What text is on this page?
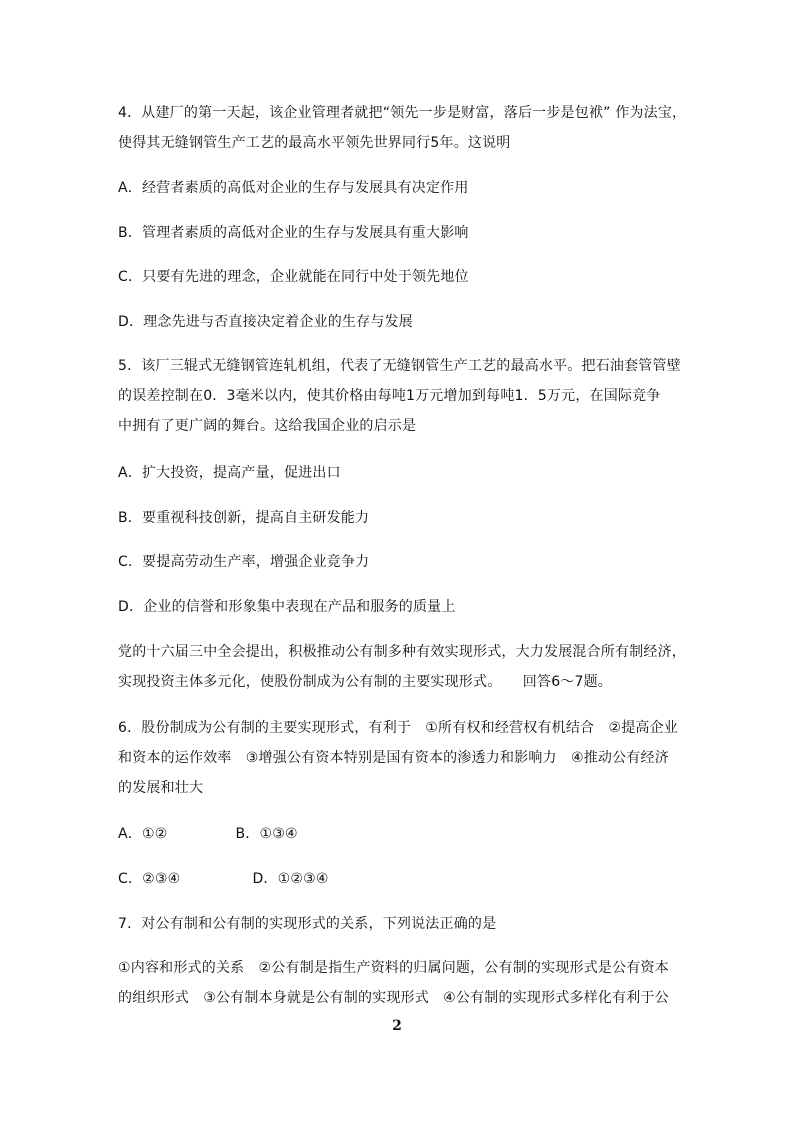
4．从建厂的第一天起，该企业管理者就把“领先一步是财富，落后一步是包袱” 作为法宝，
使得其无缝钢管生产工艺的最高水平领先世界同行5年。这说明
A．经营者素质的高低对企业的生存与发展具有决定作用
B．管理者素质的高低对企业的生存与发展具有重大影响
C．只要有先进的理念，企业就能在同行中处于领先地位
D．理念先进与否直接决定着企业的生存与发展
5．该厂三辊式无缝钢管连轧机组，代表了无缝钢管生产工艺的最高水平。把石油套管管壁
的误差控制在0．3毫米以内，使其价格由每吨1万元增加到每吨1．5万元，在国际竞争
中拥有了更广阔的舞台。这给我国企业的启示是
A．扩大投资，提高产量，促进出口
B．要重视科技创新，提高自主研发能力
C．要提高劳动生产率，增强企业竞争力
D．企业的信誉和形象集中表现在产品和服务的质量上
党的十六届三中全会提出，积极推动公有制多种有效实现形式，大力发展混合所有制经济，
实现投资主体多元化，使股份制成为公有制的主要实现形式。　　回答6～7题。
6．股份制成为公有制的主要实现形式，有利于　①所有权和经营权有机结合　②提高企业
和资本的运作效率　③增强公有资本特别是国有资本的渗透力和影响力　④推动公有经济
的发展和壮大
A．①②	B．①③④
C．②③④	D．①②③④
7．对公有制和公有制的实现形式的关系，下列说法正确的是
①内容和形式的关系　②公有制是指生产资料的归属问题，公有制的实现形式是公有资本
的组织形式　③公有制本身就是公有制的实现形式　④公有制的实现形式多样化有利于公
2
